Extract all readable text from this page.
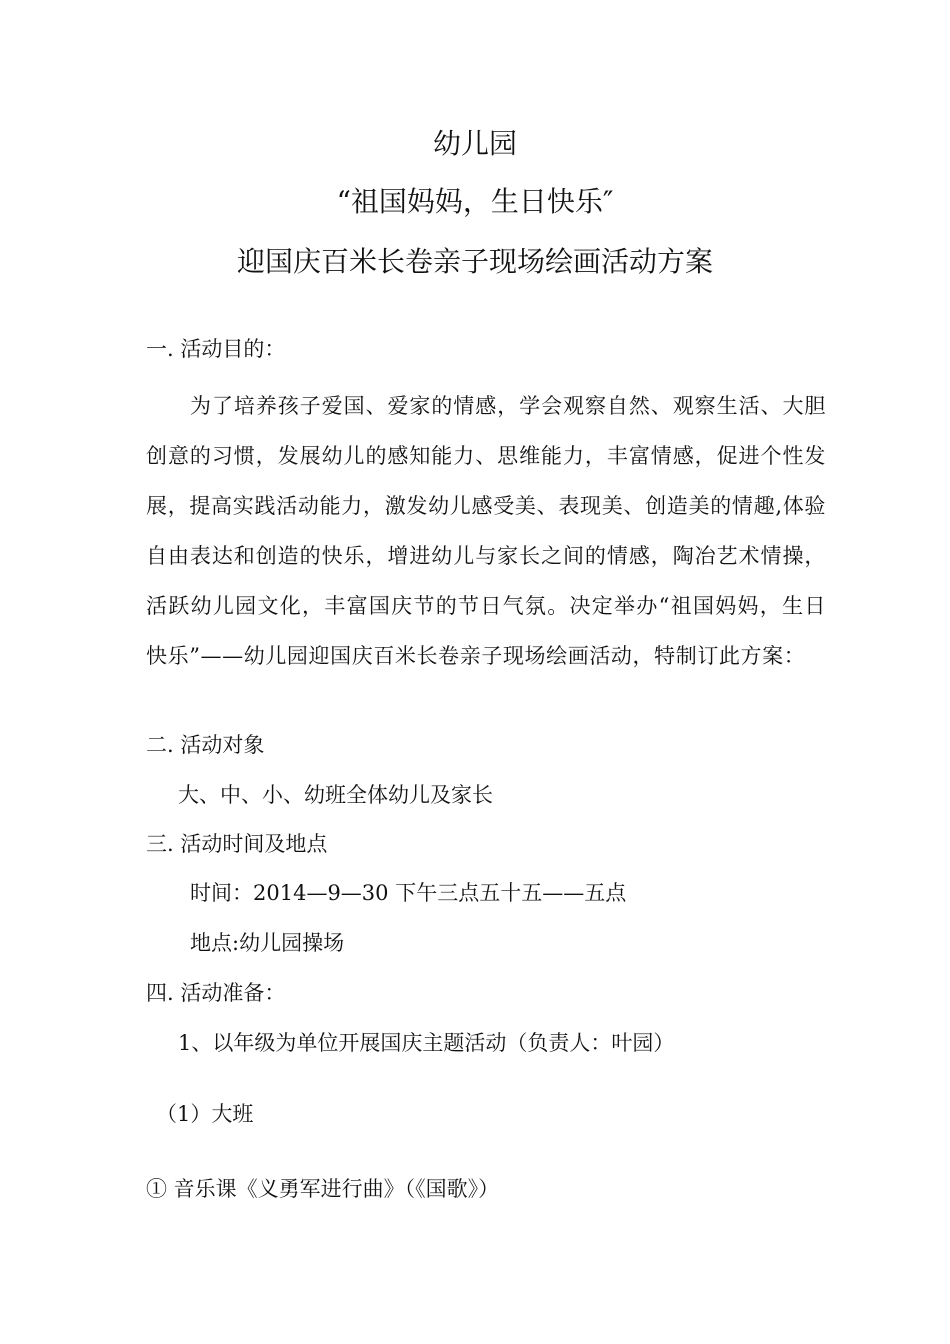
幼儿园
“祖国妈妈，生日快乐″
迎国庆百米长卷亲子现场绘画活动方案
一. 活动目的：
为了培养孩子爱国、爱家的情感，学会观察自然、观察生活、大胆创意的习惯，发展幼儿的感知能力、思维能力，丰富情感，促进个性发展，提高实践活动能力，激发幼儿感受美、表现美、创造美的情趣,体验自由表达和创造的快乐，增进幼儿与家长之间的情感，陶冶艺术情操，活跃幼儿园文化，丰富国庆节的节日气氛。决定举办“祖国妈妈，生日快乐”——幼儿园迎国庆百米长卷亲子现场绘画活动，特制订此方案：
二. 活动对象
大、中、小、幼班全体幼儿及家长
三. 活动时间及地点
时间：2014—9—30 下午三点五十五——五点
地点:幼儿园操场
四. 活动准备：
1、以年级为单位开展国庆主题活动（负责人：叶园）
（1）大班
① 音乐课《义勇军进行曲》（《国歌》）
